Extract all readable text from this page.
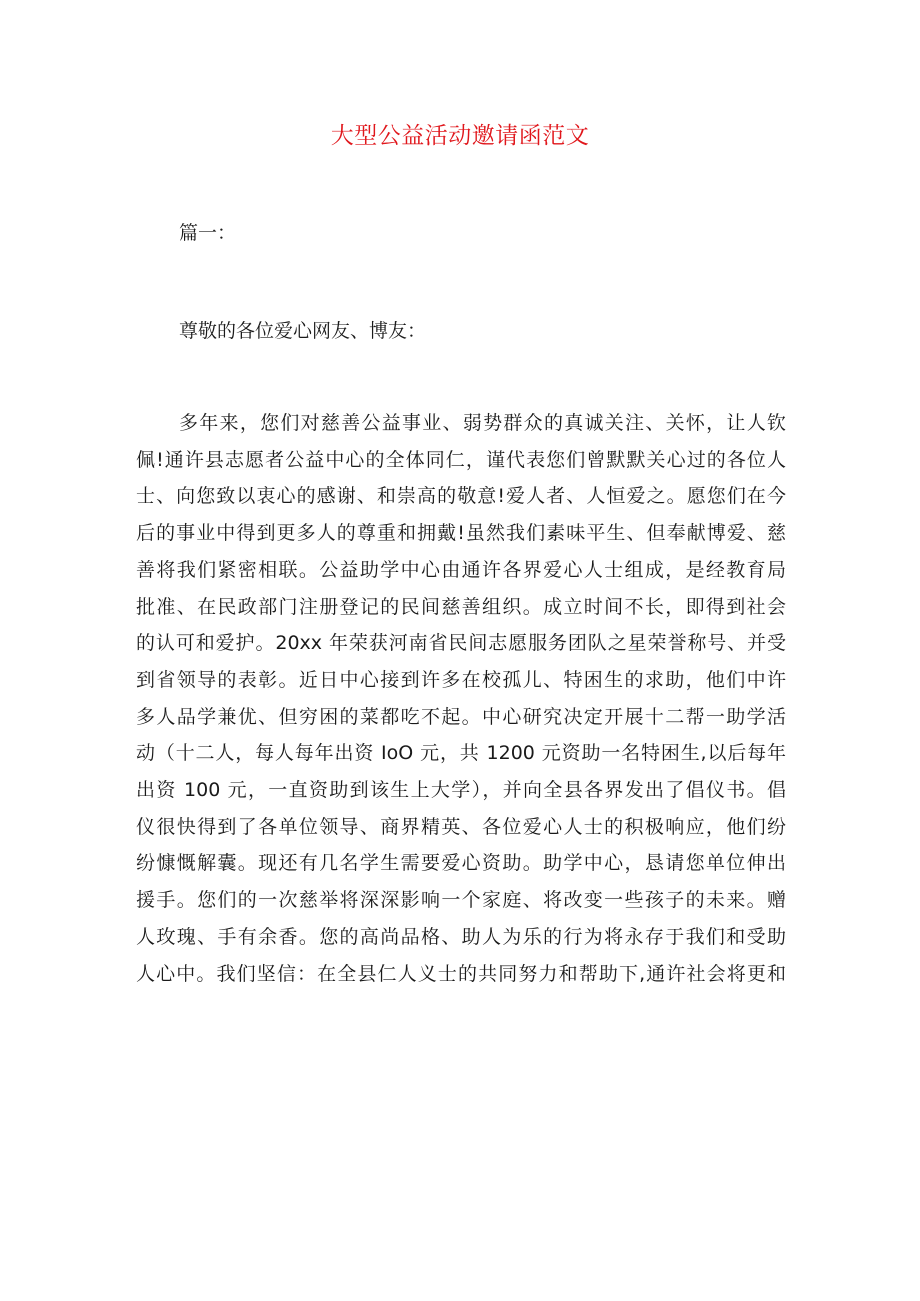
大型公益活动邀请函范文

篇一：

尊敬的各位爱心网友、博友：

多年来，您们对慈善公益事业、弱势群众的真诚关注、关怀，让人钦
佩!通许县志愿者公益中心的全体同仁，谨代表您们曾默默关心过的各位人
士、向您致以衷心的感谢、和崇高的敬意!爱人者、人恒爱之。愿您们在今
后的事业中得到更多人的尊重和拥戴!虽然我们素味平生、但奉献博爱、慈
善将我们紧密相联。公益助学中心由通许各界爱心人士组成，是经教育局
批准、在民政部门注册登记的民间慈善组织。成立时间不长，即得到社会
的认可和爱护。20xx 年荣获河南省民间志愿服务团队之星荣誉称号、并受
到省领导的表彰。近日中心接到许多在校孤儿、特困生的求助，他们中许
多人品学兼优、但穷困的菜都吃不起。中心研究决定开展十二帮一助学活
动（十二人，每人每年出资 IoO 元，共 1200 元资助一名特困生,以后每年
出资 100 元，一直资助到该生上大学），并向全县各界发出了倡仪书。倡
仪很快得到了各单位领导、商界精英、各位爱心人士的积极响应，他们纷
纷慷慨解囊。现还有几名学生需要爱心资助。助学中心，恳请您单位伸出
援手。您们的一次慈举将深深影响一个家庭、将改变一些孩子的未来。赠
人玫瑰、手有余香。您的高尚品格、助人为乐的行为将永存于我们和受助
人心中。我们坚信：在全县仁人义士的共同努力和帮助下,通许社会将更和
